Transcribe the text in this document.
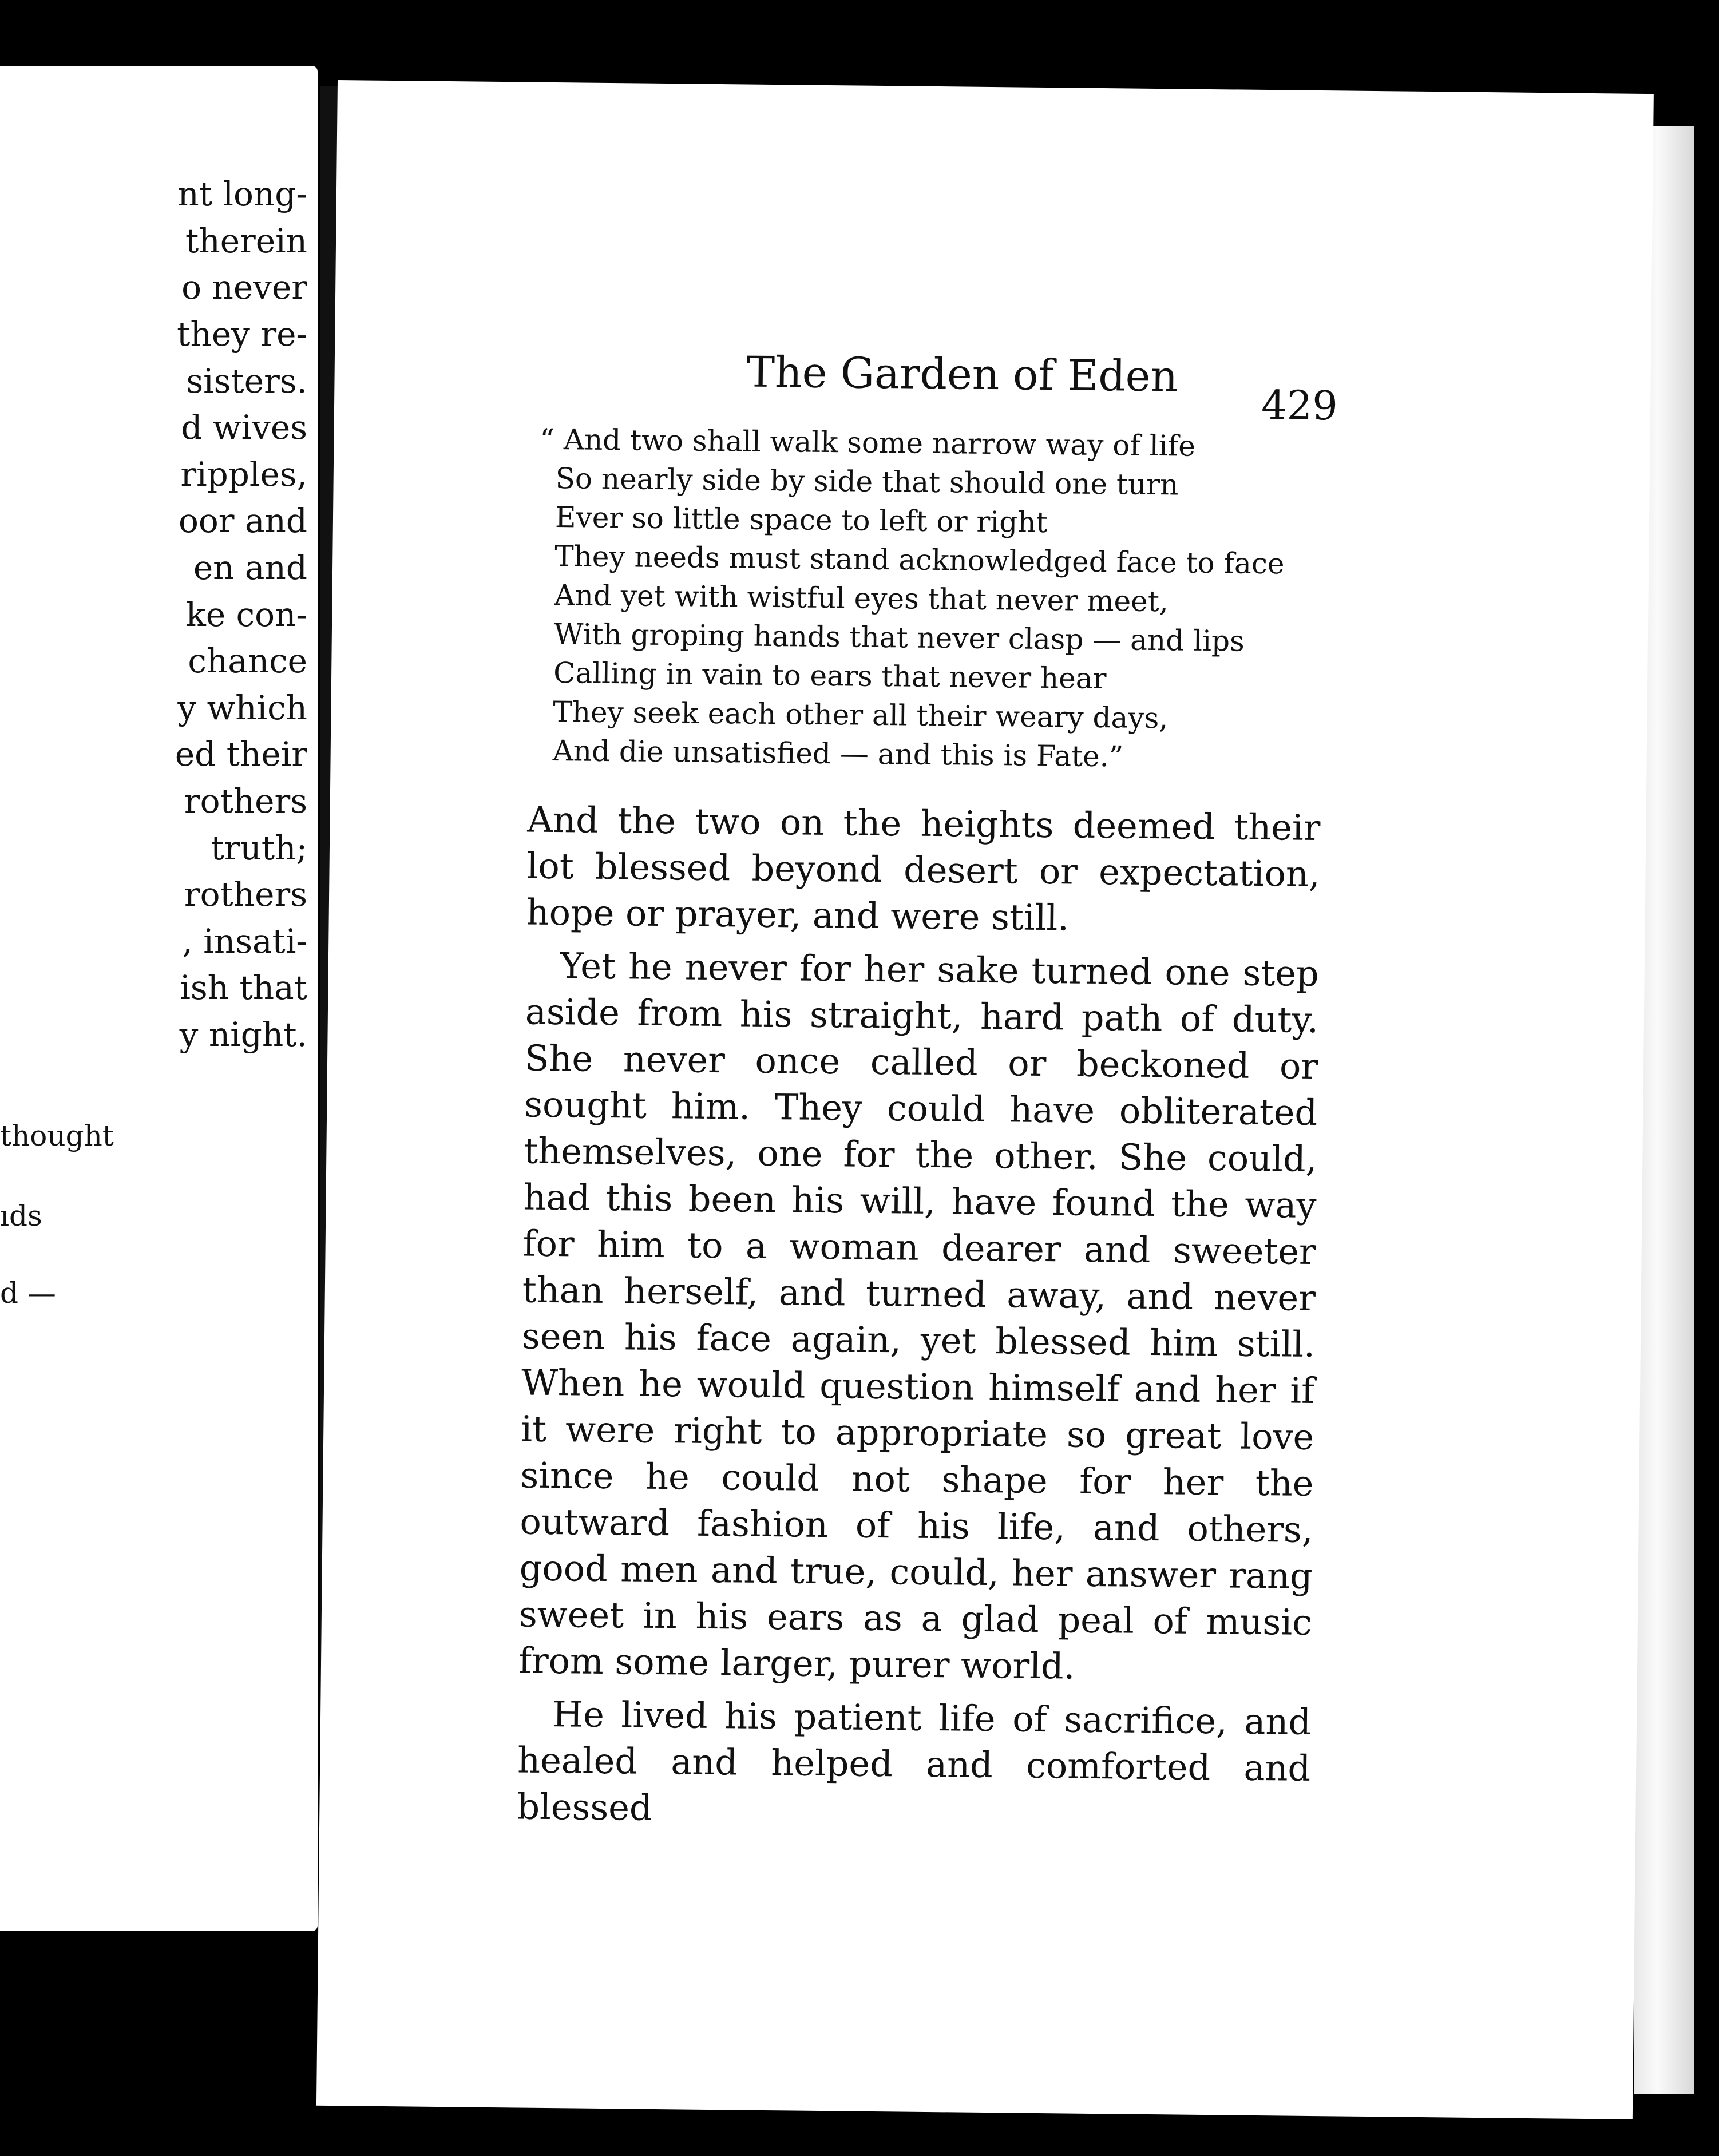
nt long-
therein
o never
they re-
sisters.
d wives
ripples,
oor and
en and
ke con-
chance
y which
ed their
rothers
truth;
rothers
, insati-
ish that
y night.
thought
ıds
d —
The Garden of Eden
429
“ And two shall walk some narrow way of life
So nearly side by side that should one turn
Ever so little space to left or right
They needs must stand acknowledged face to face
And yet with wistful eyes that never meet,
With groping hands that never clasp — and lips
Calling in vain to ears that never hear
They seek each other all their weary days,
And die unsatisfied — and this is Fate.”

And the two on the heights deemed their lot blessed beyond desert or expectation, hope or prayer, and were still.

Yet he never for her sake turned one step aside from his straight, hard path of duty. She never once called or beckoned or sought him. They could have obliterated themselves, one for the other. She could, had this been his will, have found the way for him to a woman dearer and sweeter than herself, and turned away, and never seen his face again, yet blessed him still. When he would question himself and her if it were right to appropriate so great love since he could not shape for her the outward fashion of his life, and others, good men and true, could, her answer rang sweet in his ears as a glad peal of music from some larger, purer world.

He lived his patient life of sacrifice, and healed and helped and comforted and blessed
